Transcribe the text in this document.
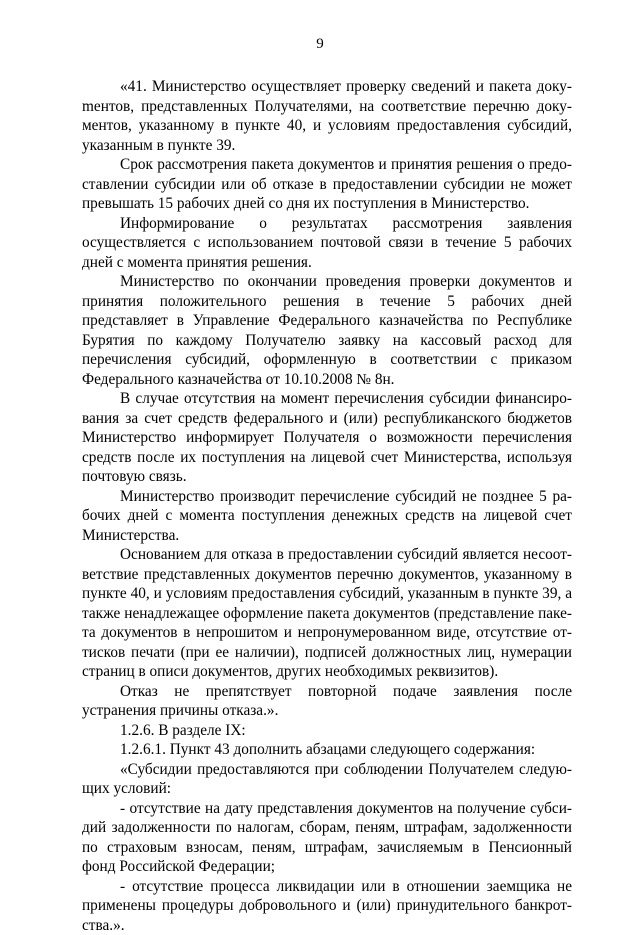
9

«41. Министерство осуществляет проверку сведений и пакета докуmентов, представленных Получателями, на соответствие перечню документов, указанному в пункте 40, и условиям предоставления субсидий, указанным в пункте 39.

Срок рассмотрения пакета документов и принятия решения о предоставлении субсидии или об отказе в предоставлении субсидии не может превышать 15 рабочих дней со дня их поступления в Министерство.

Информирование о результатах рассмотрения заявления осуществляется с использованием почтовой связи в течение 5 рабочих дней с момента принятия решения.

Министерство по окончании проведения проверки документов и принятия положительного решения в течение 5 рабочих дней представляет в Управление Федерального казначейства по Республике Бурятия по каждому Получателю заявку на кассовый расход для перечисления субсидий, оформленную в соответствии с приказом Федерального казначейства от 10.10.2008 № 8н.

В случае отсутствия на момент перечисления субсидии финансирования за счет средств федерального и (или) республиканского бюджетов Министерство информирует Получателя о возможности перечисления средств после их поступления на лицевой счет Министерства, используя почтовую связь.

Министерство производит перечисление субсидий не позднее 5 рабочих дней с момента поступления денежных средств на лицевой счет Министерства.

Основанием для отказа в предоставлении субсидий является несоответствие представленных документов перечню документов, указанному в пункте 40, и условиям предоставления субсидий, указанным в пункте 39, а также ненадлежащее оформление пакета документов (представление пакета документов в непрошитом и непронумерованном виде, отсутствие оттисков печати (при ее наличии), подписей должностных лиц, нумерации страниц в описи документов, других необходимых реквизитов).

Отказ не препятствует повторной подаче заявления после устранения причины отказа.».

1.2.6. В разделе IX:

1.2.6.1. Пункт 43 дополнить абзацами следующего содержания:

«Субсидии предоставляются при соблюдении Получателем следующих условий:

- отсутствие на дату представления документов на получение субсидий задолженности по налогам, сборам, пеням, штрафам, задолженности по страховым взносам, пеням, штрафам, зачисляемым в Пенсионный фонд Российской Федерации;

- отсутствие процесса ликвидации или в отношении заемщика не применены процедуры добровольного и (или) принудительного банкротства.».
